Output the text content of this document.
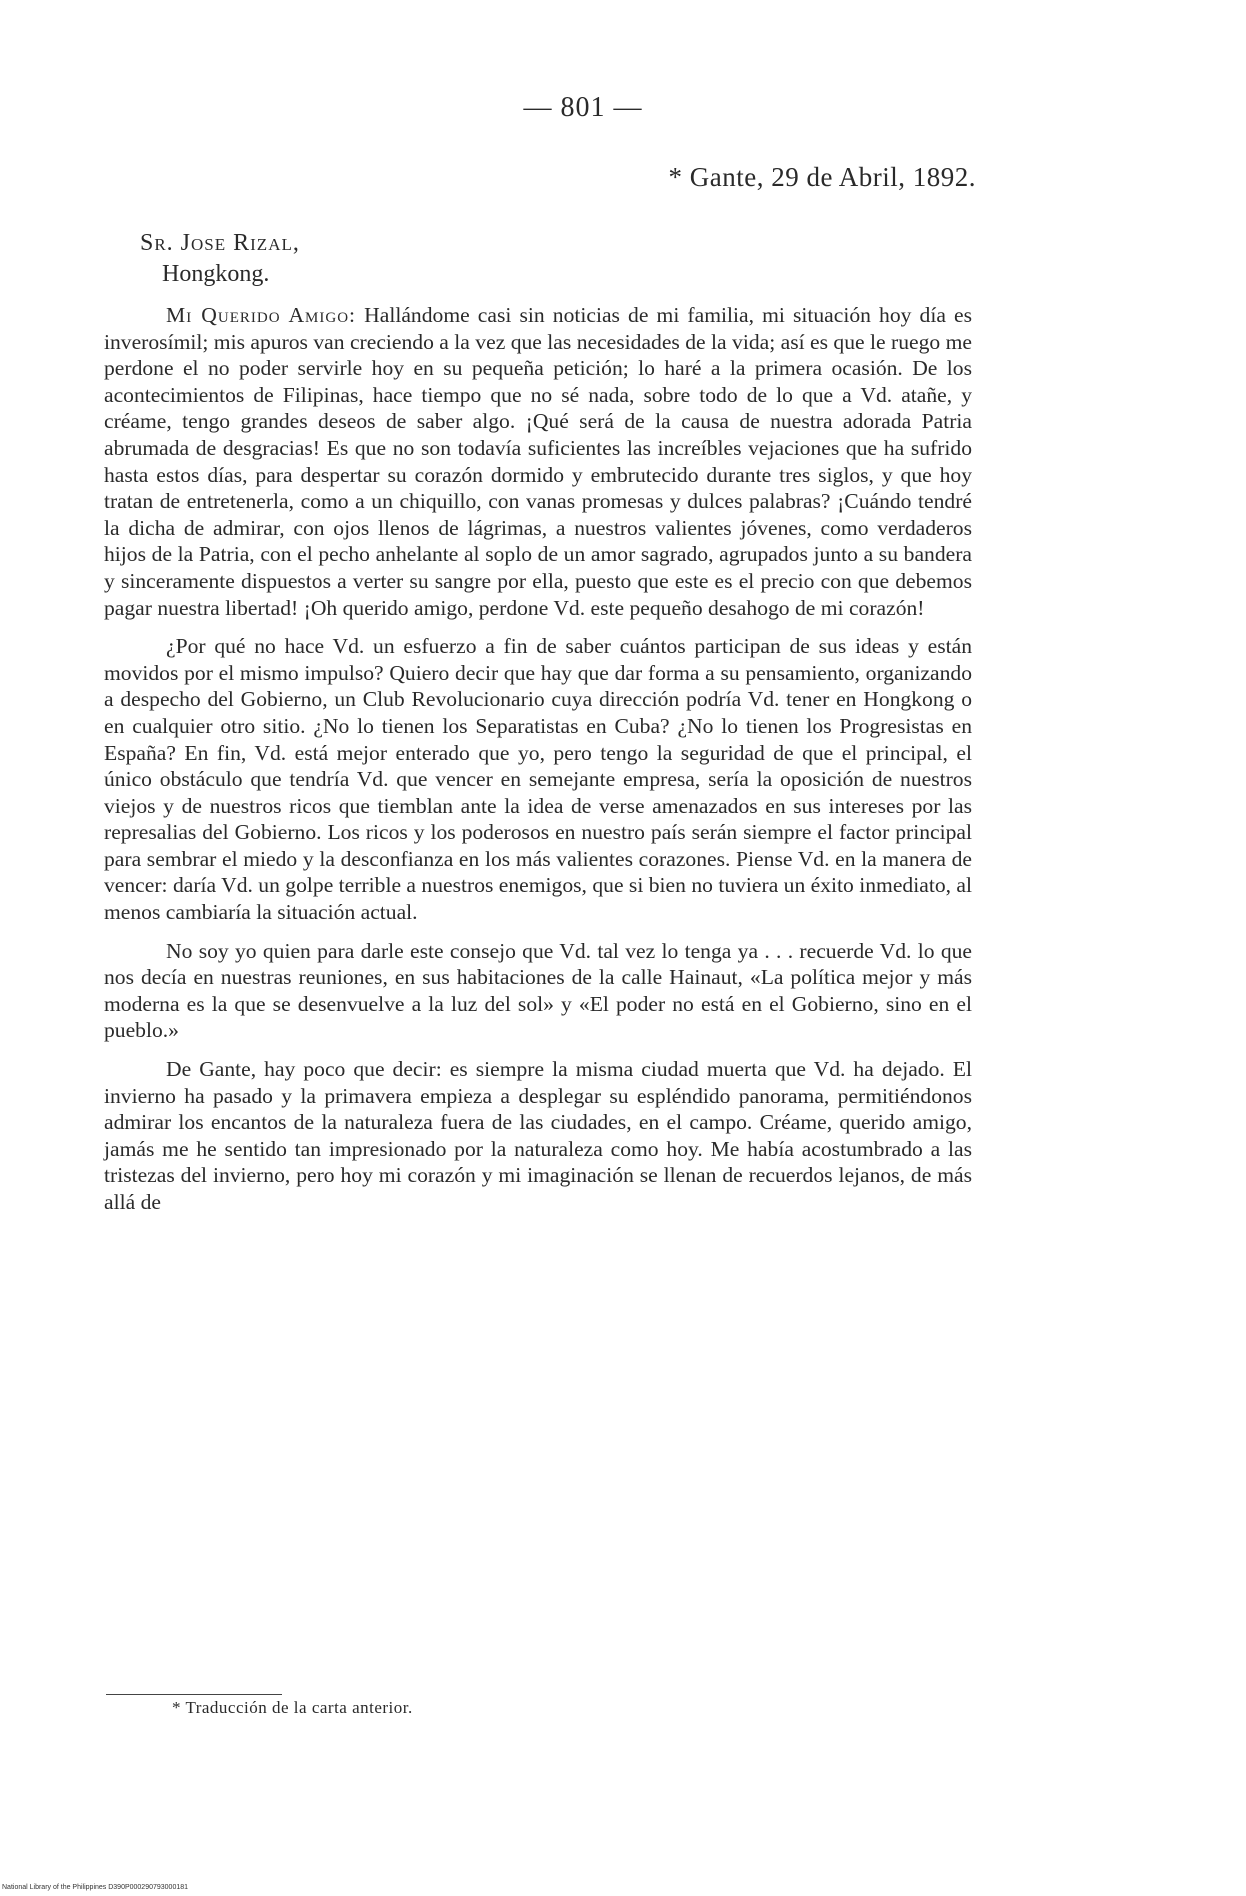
— 801 —
* Gante, 29 de Abril, 1892.
Sr. Jose Rizal,
Hongkong.

Mi Querido Amigo: Hallándome casi sin noticias de mi familia, mi situación hoy día es inverosímil; mis apuros van creciendo a la vez que las necesidades de la vida; así es que le ruego me perdone el no poder servirle hoy en su pequeña petición; lo haré a la primera ocasión. De los acontecimientos de Filipinas, hace tiempo que no sé nada, sobre todo de lo que a Vd. atañe, y créame, tengo grandes deseos de saber algo. ¡Qué será de la causa de nuestra adorada Patria abrumada de desgracias! Es que no son todavía suficientes las increíbles vejaciones que ha sufrido hasta estos días, para despertar su corazón dormido y embrutecido durante tres siglos, y que hoy tratan de entretenerla, como a un chiquillo, con vanas promesas y dulces palabras? ¡Cuándo tendré la dicha de admirar, con ojos llenos de lágrimas, a nuestros valientes jóvenes, como verdaderos hijos de la Patria, con el pecho anhelante al soplo de un amor sagrado, agrupados junto a su bandera y sinceramente dispuestos a verter su sangre por ella, puesto que este es el precio con que debemos pagar nuestra libertad! ¡Oh querido amigo, perdone Vd. este pequeño desahogo de mi corazón!

¿Por qué no hace Vd. un esfuerzo a fin de saber cuántos participan de sus ideas y están movidos por el mismo impulso? Quiero decir que hay que dar forma a su pensamiento, organizando a despecho del Gobierno, un Club Revolucionario cuya dirección podría Vd. tener en Hongkong o en cualquier otro sitio. ¿No lo tienen los Separatistas en Cuba? ¿No lo tienen los Progresistas en España? En fin, Vd. está mejor enterado que yo, pero tengo la seguridad de que el principal, el único obstáculo que tendría Vd. que vencer en semejante empresa, sería la oposición de nuestros viejos y de nuestros ricos que tiemblan ante la idea de verse amenazados en sus intereses por las represalias del Gobierno. Los ricos y los poderosos en nuestro país serán siempre el factor principal para sembrar el miedo y la desconfianza en los más valientes corazones. Piense Vd. en la manera de vencer: daría Vd. un golpe terrible a nuestros enemigos, que si bien no tuviera un éxito inmediato, al menos cambiaría la situación actual.

No soy yo quien para darle este consejo que Vd. tal vez lo tenga ya . . . recuerde Vd. lo que nos decía en nuestras reuniones, en sus habitaciones de la calle Hainaut, «La política mejor y más moderna es la que se desenvuelve a la luz del sol» y «El poder no está en el Gobierno, sino en el pueblo.»

De Gante, hay poco que decir: es siempre la misma ciudad muerta que Vd. ha dejado. El invierno ha pasado y la primavera empieza a desplegar su espléndido panorama, permitiéndonos admirar los encantos de la naturaleza fuera de las ciudades, en el campo. Créame, querido amigo, jamás me he sentido tan impresionado por la naturaleza como hoy. Me había acostumbrado a las tristezas del invierno, pero hoy mi corazón y mi imaginación se llenan de recuerdos lejanos, de más allá de

* Traducción de la carta anterior.
National Library of the Philippines D390P000290793000181
